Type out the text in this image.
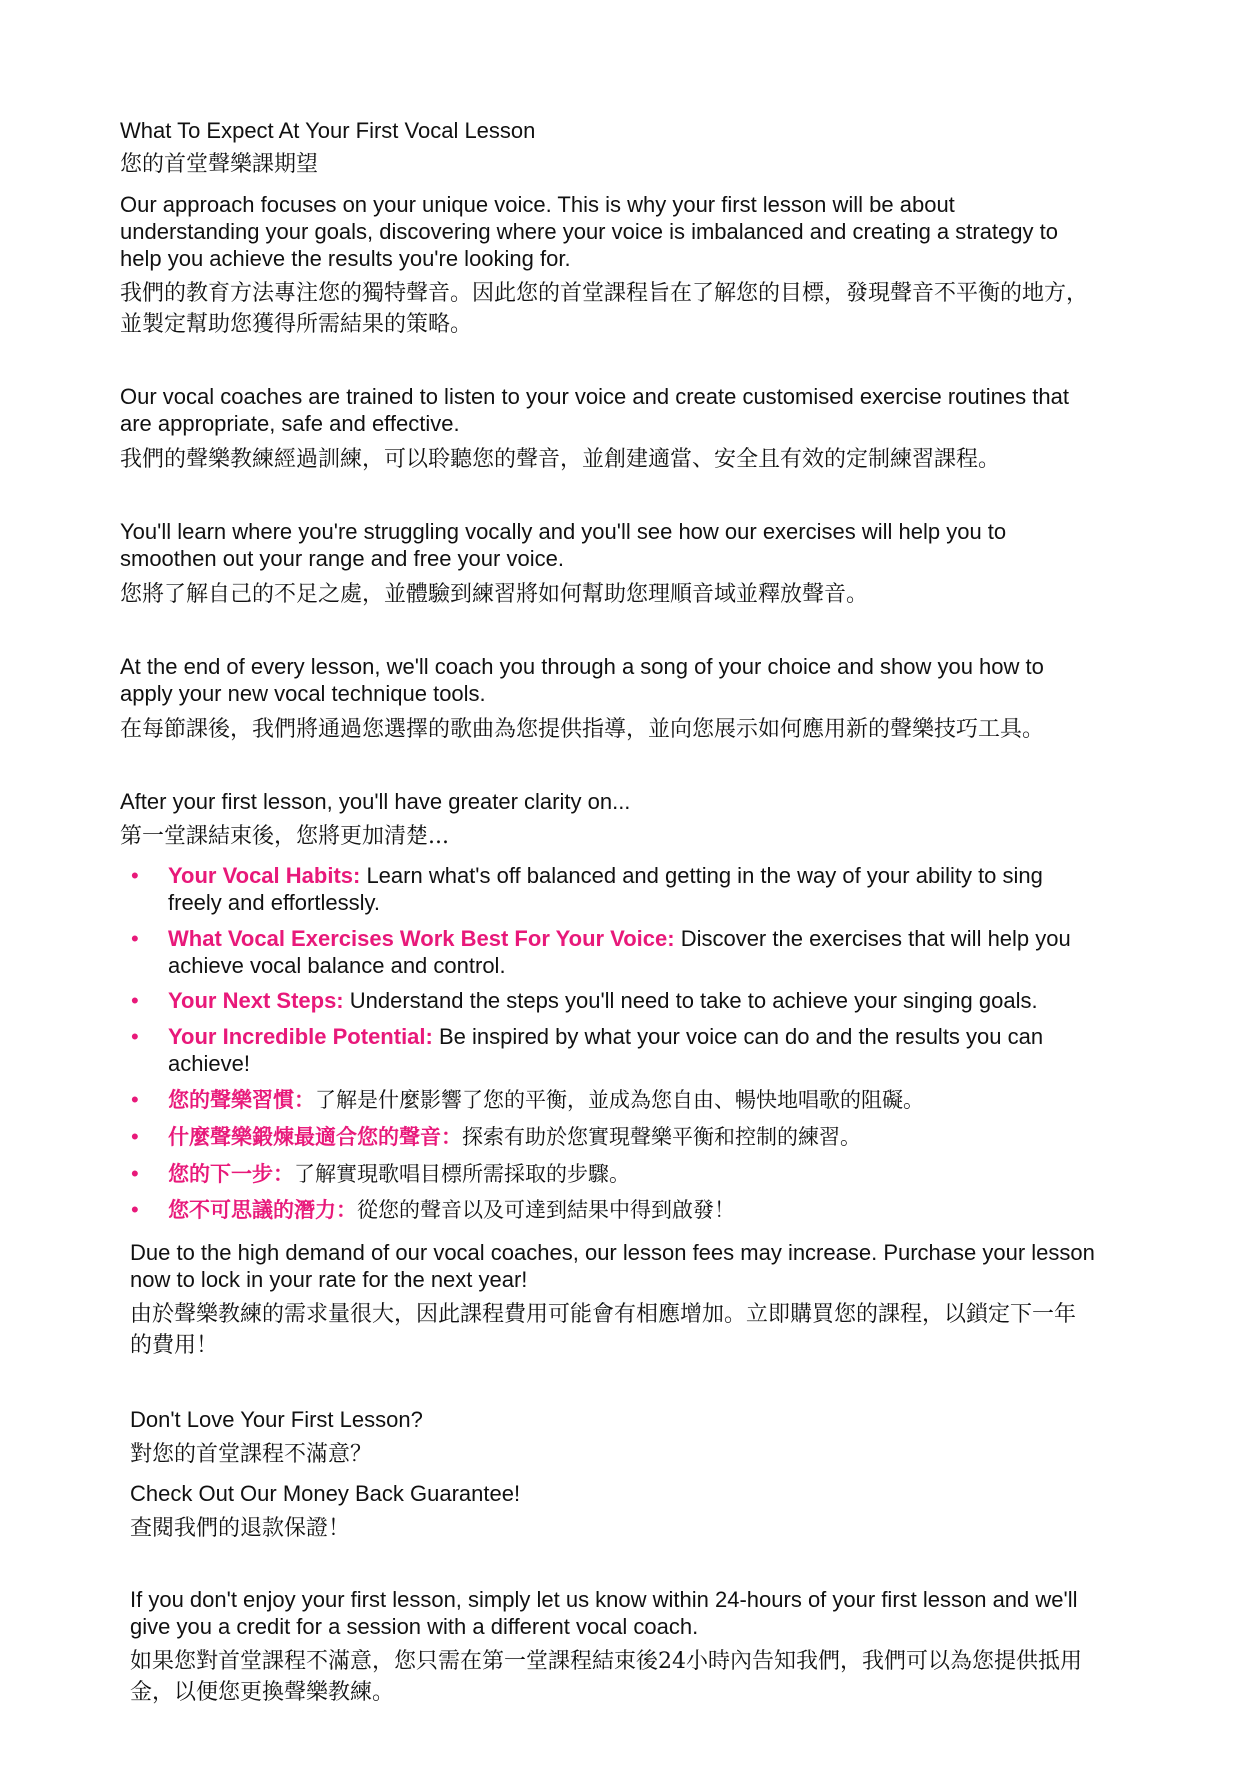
What To Expect At Your First Vocal Lesson

您的首堂聲樂課期望

Our approach focuses on your unique voice. This is why your first lesson will be about

understanding your goals, discovering where your voice is imbalanced and creating a strategy to

help you achieve the results you're looking for.

我們的教育方法專注您的獨特聲音。因此您的首堂課程旨在了解您的目標，發現聲音不平衡的地方，

並製定幫助您獲得所需結果的策略。

Our vocal coaches are trained to listen to your voice and create customised exercise routines that

are appropriate, safe and effective.

我們的聲樂教練經過訓練，可以聆聽您的聲音，並創建適當、安全且有效的定制練習課程。

You'll learn where you're struggling vocally and you'll see how our exercises will help you to

smoothen out your range and free your voice.

您將了解自己的不足之處，並體驗到練習將如何幫助您理順音域並釋放聲音。

At the end of every lesson, we'll coach you through a song of your choice and show you how to

apply your new vocal technique tools.

在每節課後，我們將通過您選擇的歌曲為您提供指導，並向您展示如何應用新的聲樂技巧工具。

After your first lesson, you'll have greater clarity on...

第一堂課結束後，您將更加清楚...

• Your Vocal Habits: Learn what's off balanced and getting in the way of your ability to sing

freely and effortlessly.

• What Vocal Exercises Work Best For Your Voice: Discover the exercises that will help you

achieve vocal balance and control.

• Your Next Steps: Understand the steps you'll need to take to achieve your singing goals.

• Your Incredible Potential: Be inspired by what your voice can do and the results you can

achieve!

• 您的聲樂習慣：了解是什麼影響了您的平衡，並成為您自由、暢快地唱歌的阻礙。

• 什麼聲樂鍛煉最適合您的聲音：探索有助於您實現聲樂平衡和控制的練習。

• 您的下一步：了解實現歌唱目標所需採取的步驟。

• 您不可思議的潛力：從您的聲音以及可達到結果中得到啟發！

Due to the high demand of our vocal coaches, our lesson fees may increase. Purchase your lesson

now to lock in your rate for the next year!

由於聲樂教練的需求量很大，因此課程費用可能會有相應增加。立即購買您的課程，以鎖定下一年

的費用！

Don't Love Your First Lesson?

對您的首堂課程不滿意？

Check Out Our Money Back Guarantee!

查閱我們的退款保證！

If you don't enjoy your first lesson, simply let us know within 24-hours of your first lesson and we'll

give you a credit for a session with a different vocal coach.

如果您對首堂課程不滿意，您只需在第一堂課程結束後24小時內告知我們，我們可以為您提供抵用

金，以便您更換聲樂教練。
